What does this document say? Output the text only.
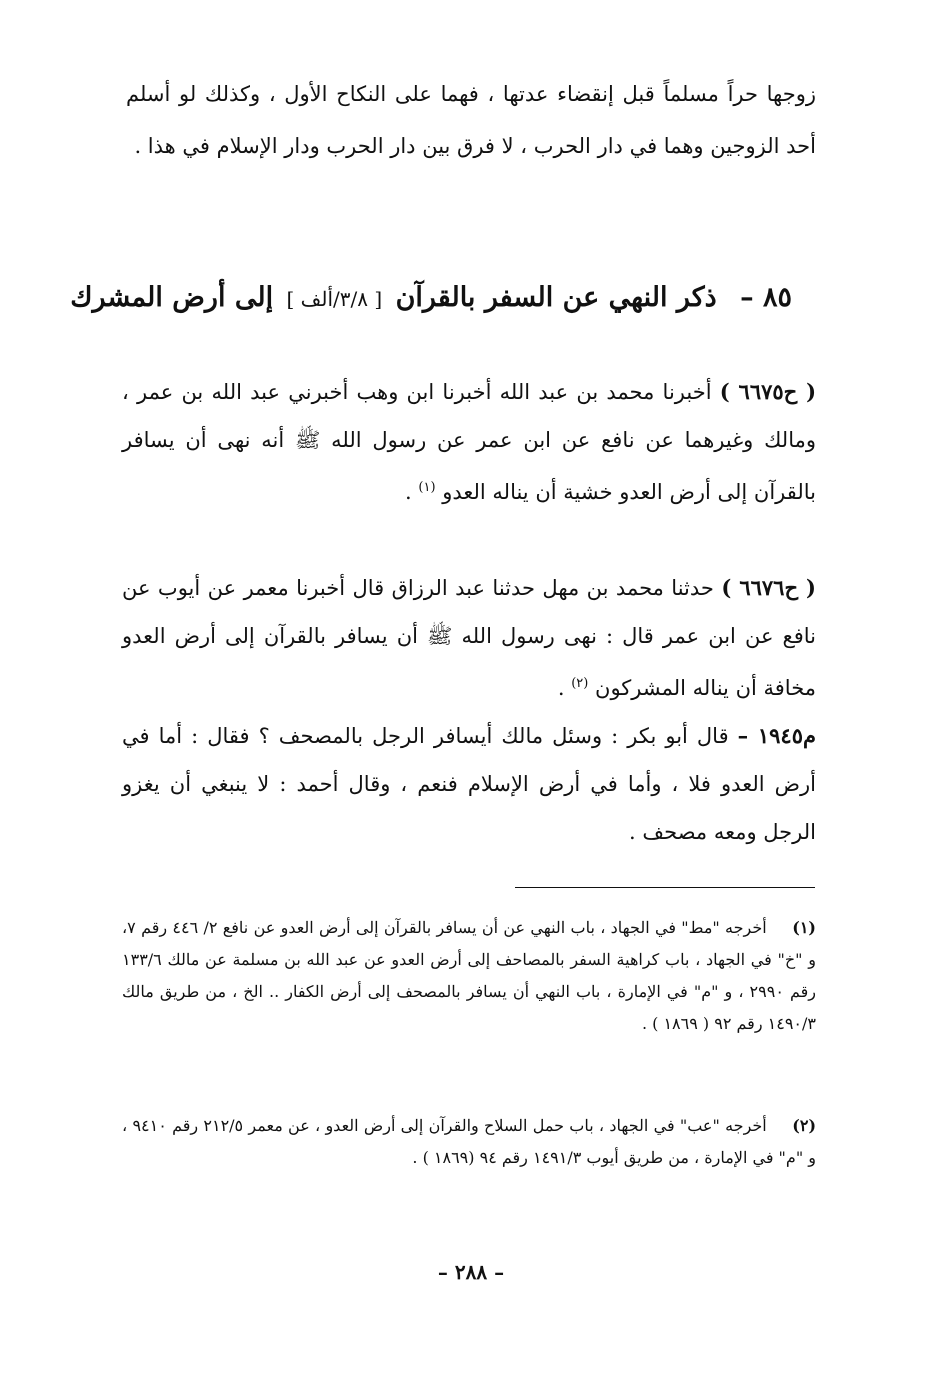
زوجها حراً مسلماً قبل إنقضاء عدتها ، فهما على النكاح الأول ، وكذلك لو أسلم أحد الزوجين وهما في دار الحرب ، لا فرق بين دار الحرب ودار الإسلام في هذا .
٨٥ – ذكر النهي عن السفر بالقرآن [ ٣/٨/ألف ] إلى أرض المشرك
( ح٦٦٧٥ ) أخبرنا محمد بن عبد الله أخبرنا ابن وهب أخبرني عبد الله بن عمر ، ومالك وغيرهما عن نافع عن ابن عمر عن رسول الله ﷺ أنه نهى أن يسافر بالقرآن إلى أرض العدو خشية أن يناله العدو $^{(١)}$ .
( ح٦٦٧٦ ) حدثنا محمد بن مهل حدثنا عبد الرزاق قال أخبرنا معمر عن أيوب عن نافع عن ابن عمر قال : نهى رسول الله ﷺ أن يسافر بالقرآن إلى أرض العدو مخافة أن يناله المشركون $^{(٢)}$ .
م١٩٤٥ – قال أبو بكر : وسئل مالك أيسافر الرجل بالمصحف ؟ فقال : أما في أرض العدو فلا ، وأما في أرض الإسلام فنعم ، وقال أحمد : لا ينبغي أن يغزو الرجل ومعه مصحف .
(١) أخرجه "مط" في الجهاد ، باب النهي عن أن يسافر بالقرآن إلى أرض العدو عن نافع ٢/ ٤٤٦ رقم ٧، و "خ" في الجهاد ، باب كراهية السفر بالمصاحف إلى أرض العدو عن عبد الله بن مسلمة عن مالك ١٣٣/٦ رقم ٢٩٩٠ ، و "م" في الإمارة ، باب النهي أن يسافر بالمصحف إلى أرض الكفار .. الخ ، من طريق مالك ١٤٩٠/٣ رقم ٩٢ ( ١٨٦٩ ) .
(٢) أخرجه "عب" في الجهاد ، باب حمل السلاح والقرآن إلى أرض العدو ، عن معمر ٢١٢/٥ رقم ٩٤١٠ ، و "م" في الإمارة ، من طريق أيوب ١٤٩١/٣ رقم ٩٤ (١٨٦٩ ) .
– ٢٨٨ –
